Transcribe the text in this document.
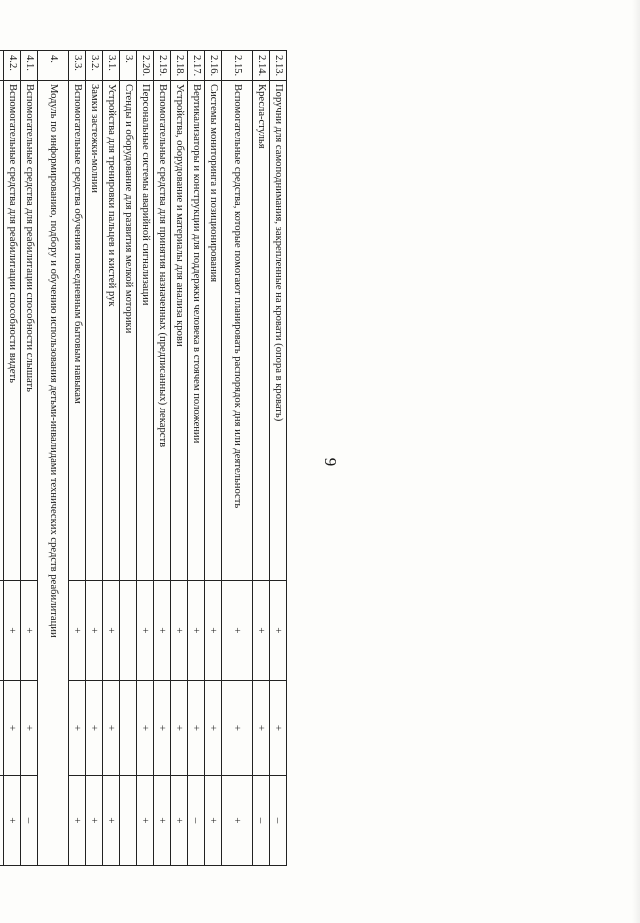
9
2.13.	Поручни для самоподнимания, закрепленные на кровати (опора в кровать)	+	+	–
2.14.	Кресла-стулья	+	+	–
2.15.	Вспомогательные средства, которые помогают планировать распорядок дня или деятельность	+	+	+
2.16.	Системы мониторинга и позиционирования	+	+	+
2.17.	Вертикализаторы и конструкции для поддержки человека в стоячем положении	+	+	–
2.18.	Устройства, оборудование и материалы для анализа крови	+	+	+
2.19.	Вспомогательные средства для принятия назначенных (предписанных) лекарств	+	+	+
2.20.	Персональные системы аварийной сигнализации	+	+	+
3.	Стенды и оборудование для развития мелкой моторики			
3.1.	Устройства для тренировки пальцев и кистей рук	+	+	+
3.2.	Замки застежки-молнии	+	+	+
3.3.	Вспомогательные средства обучения повседневным бытовым навыкам	+	+	+
4.	Модуль по информированию, подбору и обучению использования детьми-инвалидами технических средств реабилитации			
4.1.	Вспомогательные средства для реабилитации способности слышать	+	+	–
4.2.	Вспомогательные средства для реабилитации способности видеть	+	+	+
